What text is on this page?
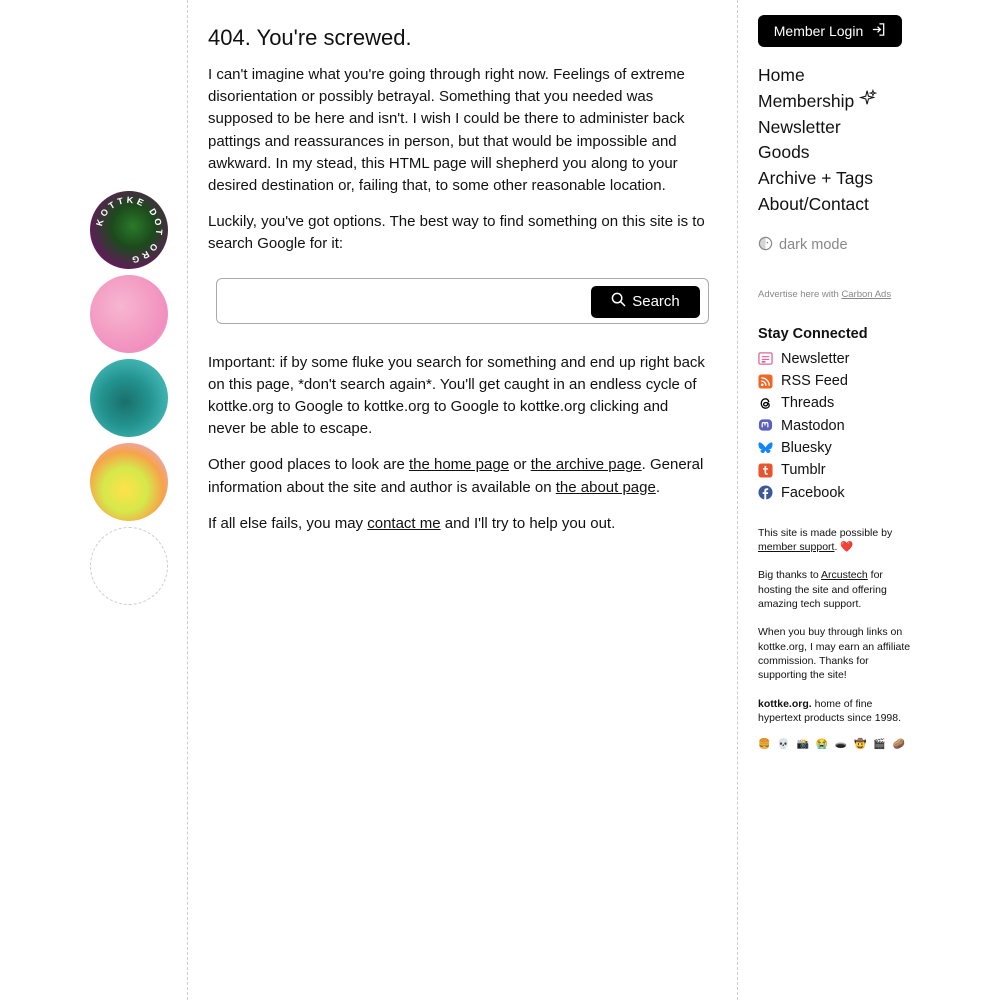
KOTTKE DOT ORG
404. You're screwed.

I can't imagine what you're going through right now. Feelings of extreme disorientation or possibly betrayal. Something that you needed was supposed to be here and isn't. I wish I could be there to administer back pattings and reassurances in person, but that would be impossible and awkward. In my stead, this HTML page will shepherd you along to your desired destination or, failing that, to some other reasonable location.

Luckily, you've got options. The best way to find something on this site is to search Google for it:

Search

Important: if by some fluke you search for something and end up right back on this page, *don't search again*. You'll get caught in an endless cycle of kottke.org to Google to kottke.org to Google to kottke.org clicking and never be able to escape.

Other good places to look are the home page or the archive page. General information about the site and author is available on the about page.

If all else fails, you may contact me and I'll try to help you out.

Member Login
Home
Membership
Newsletter
Goods
Archive + Tags
About/Contact
dark mode
Advertise here with Carbon Ads
Stay Connected
Newsletter
RSS Feed
Threads
Mastodon
Bluesky
Tumblr
Facebook
This site is made possible by member support. ❤️
Big thanks to Arcustech for hosting the site and offering amazing tech support.
When you buy through links on kottke.org, I may earn an affiliate commission. Thanks for supporting the site!
kottke.org. home of fine hypertext products since 1998.
🍔 💀 📸 😭 🕳️ 🤠 🎬 🥔
